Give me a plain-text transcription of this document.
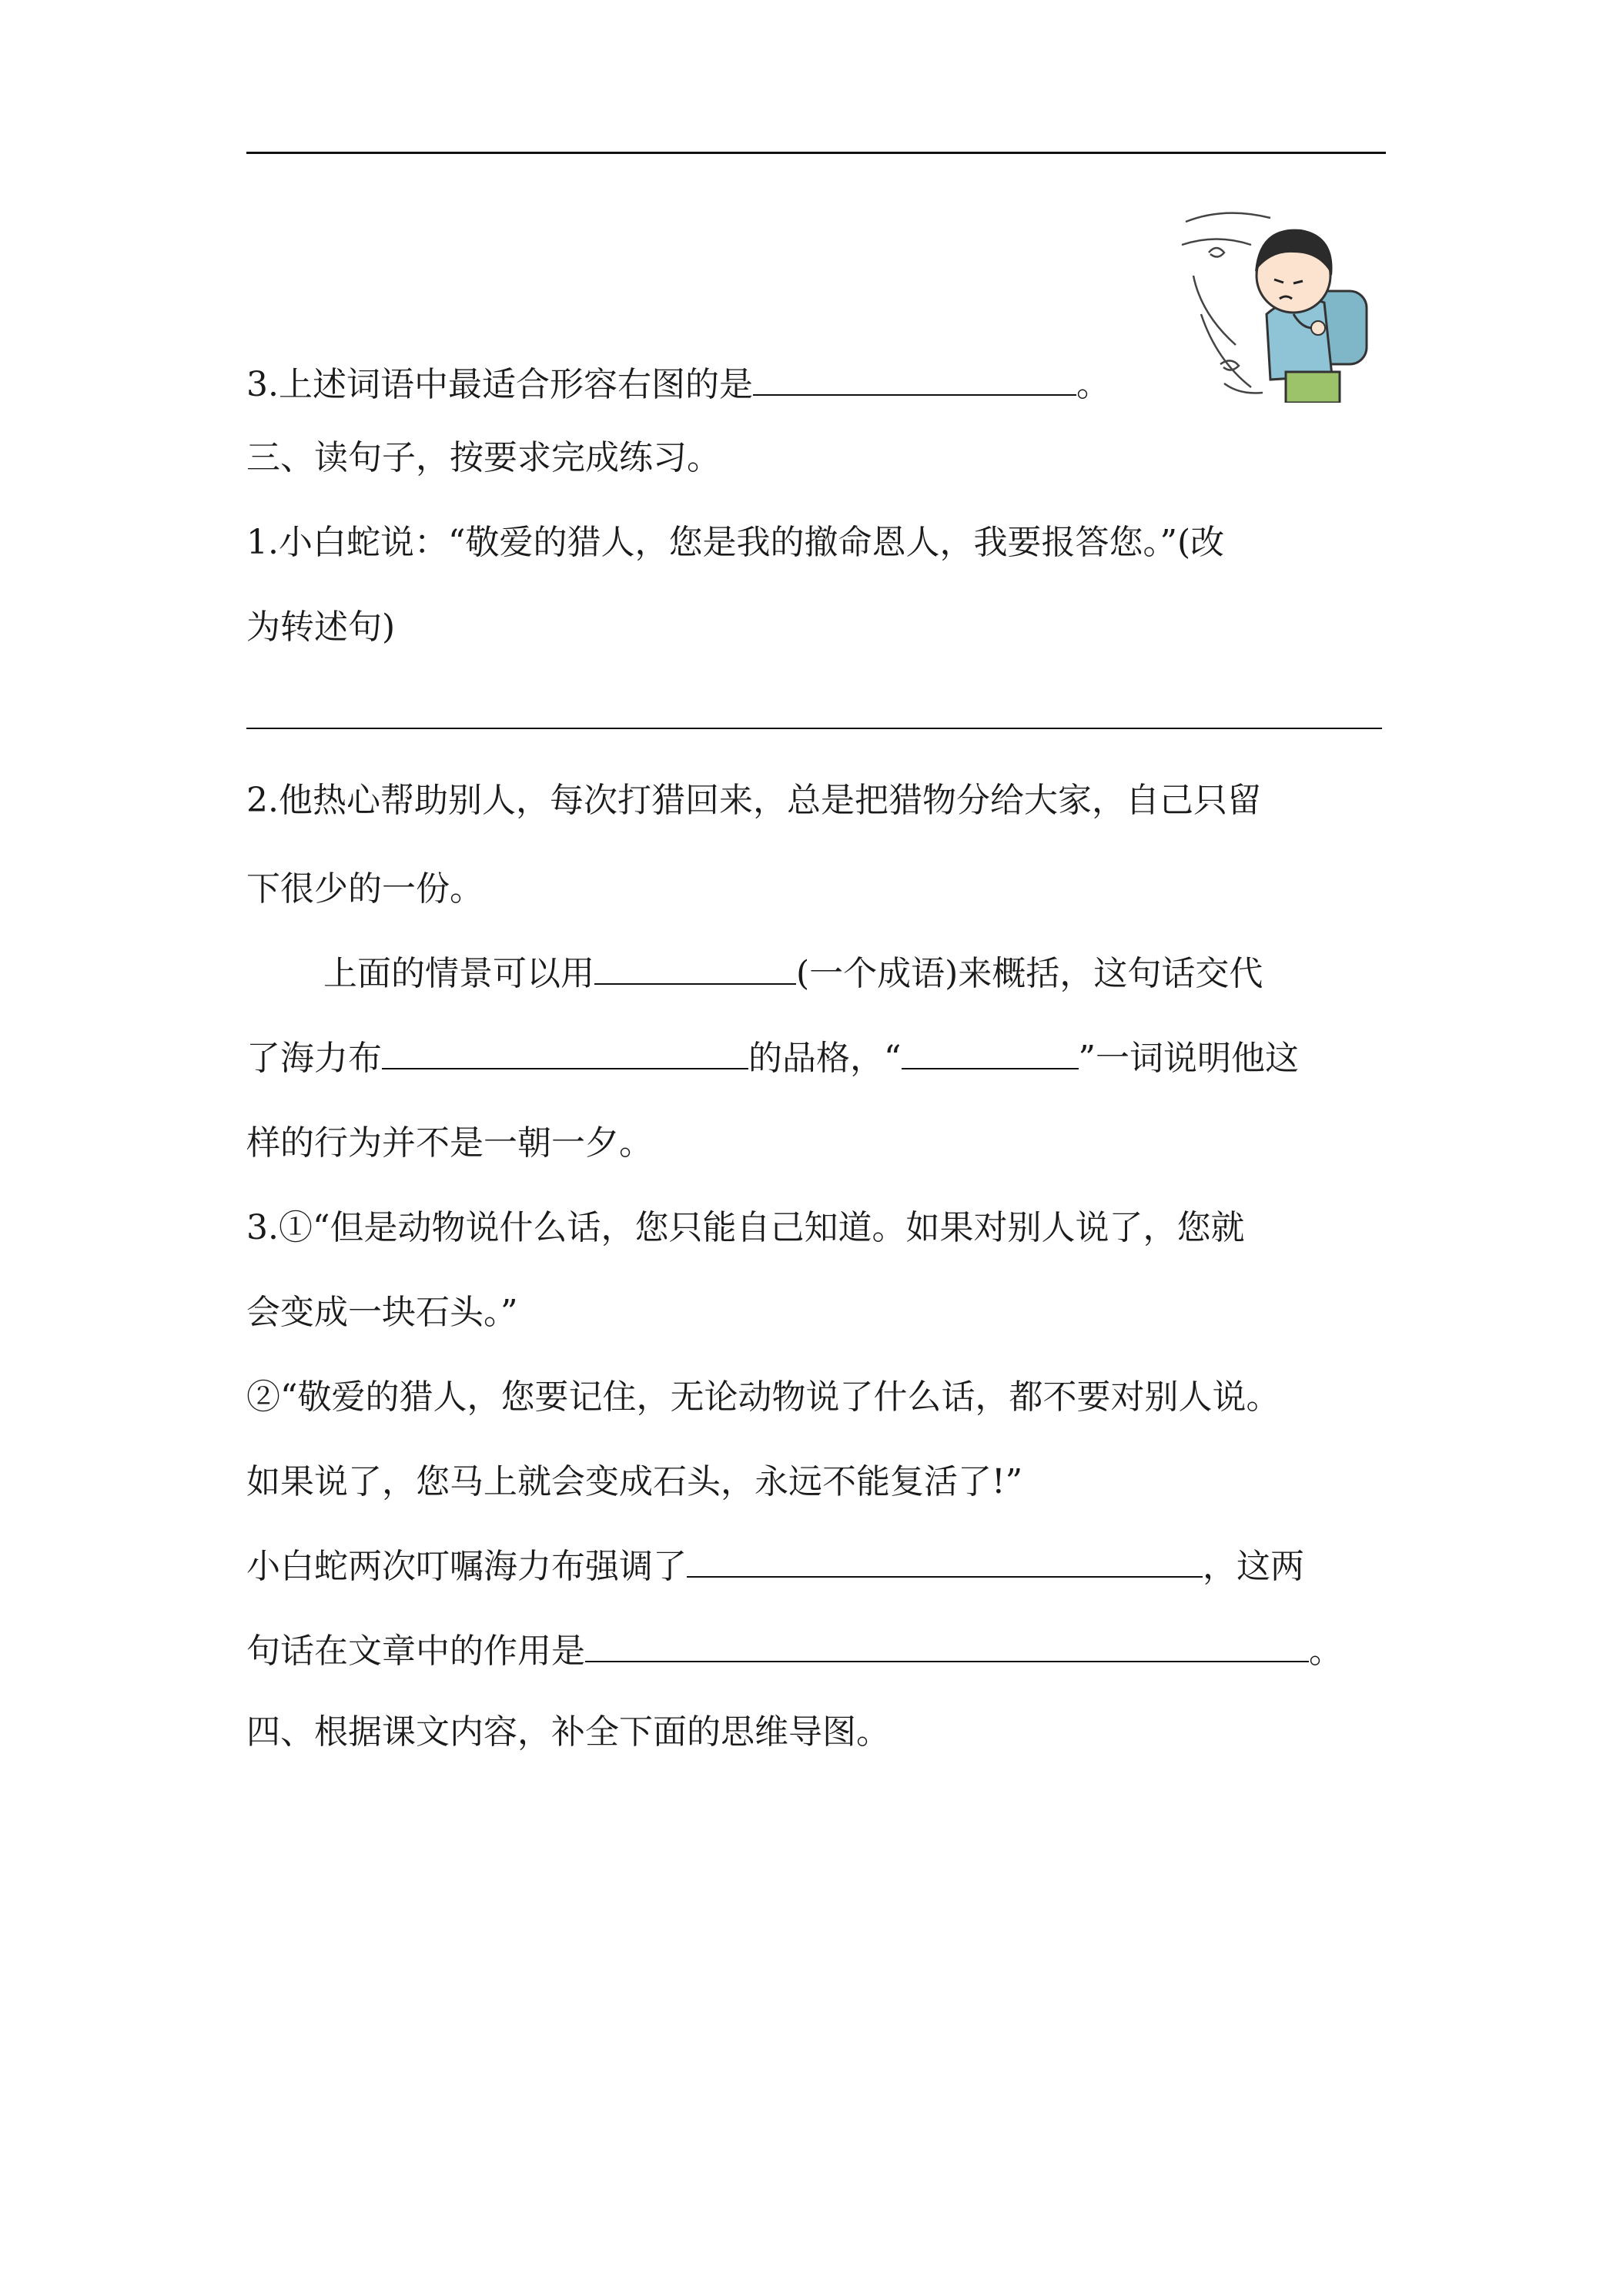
3.上述词语中最适合形容右图的是	。
三、读句子，按要求完成练习。
1.小白蛇说：“敬爱的猎人，您是我的撤命恩人，我要报答您。”(改
为转述句)
2.他热心帮助别人，每次打猎回来，总是把猎物分给大家，自己只留
下很少的一份。
上面的情景可以用	(一个成语)来概括，这句话交代
了海力布	的品格，“	”一词说明他这
样的行为并不是一朝一夕。
3.①“但是动物说什么话，您只能自己知道。如果对别人说了，您就
会变成一块石头。”
②“敬爱的猎人，您要记住，无论动物说了什么话，都不要对别人说。
如果说了，您马上就会变成石头，永远不能复活了!”
小白蛇两次叮嘱海力布强调了	，这两
句话在文章中的作用是	。
四、根据课文内容，补全下面的思维导图。
